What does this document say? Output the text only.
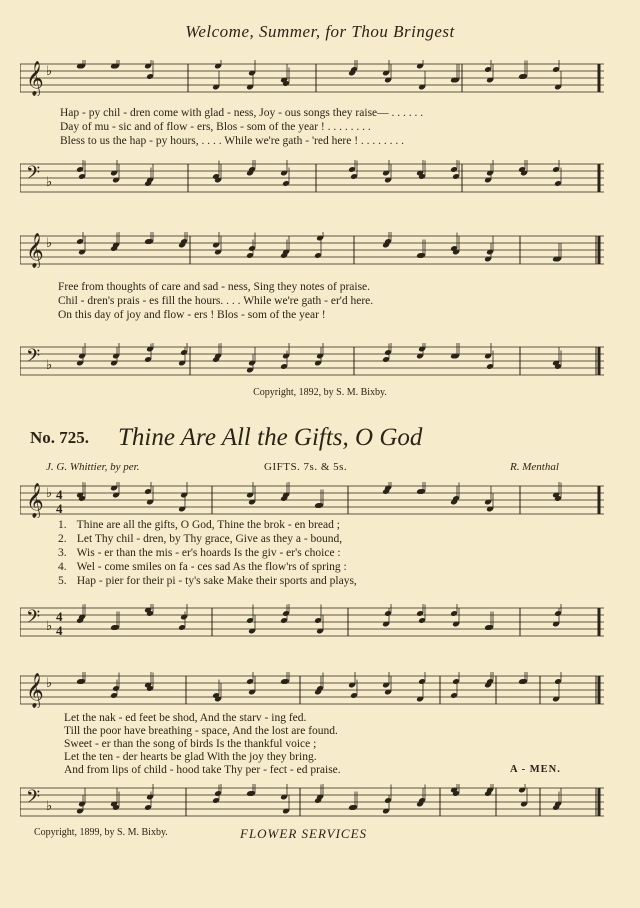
Welcome, Summer, for Thou Bringest
𝄞 ♭
Hap - py chil - dren come with glad - ness, Joy - ous songs they raise— . . . . . .
Day of mu - sic and of flow - ers, Blos - som of the year ! . . . . . . . .
Bless to us the hap - py hours, . . . . While we're gath - 'red here ! . . . . . . . .
𝄢 ♭
𝄞 ♭
Free from thoughts of care and sad - ness, Sing they notes of praise.
Chil - dren's prais - es fill the hours. . . . While we're gath - er'd here.
On this day of joy and flow - ers ! Blos - som of the year !
𝄢 ♭
Copyright, 1892, by S. M. Bixby.
No. 725. Thine Are All the Gifts, O God
J. G. Whittier, by per.	GIFTS. 7s. & 5s.	R. Menthal
𝄞 ♭ 4
4
1. Thine are all the gifts, O God, Thine the brok - en bread ;
2. Let Thy chil - dren, by Thy grace, Give as they a - bound,
3. Wis - er than the mis - er's hoards Is the giv - er's choice :
4. Wel - come smiles on fa - ces sad As the flow'rs of spring :
5. Hap - pier for their pi - ty's sake Make their sports and plays,
𝄢 ♭
4
4
𝄞 ♭
Let the nak - ed feet be shod, And the starv - ing fed.
Till the poor have breathing - space, And the lost are found.
Sweet - er than the song of birds Is the thankful voice ;
Let the ten - der hearts be glad With the joy they bring.
And from lips of child - hood take Thy per - fect - ed praise.	A - MEN.
𝄢 ♭
Copyright, 1899, by S. M. Bixby.	FLOWER SERVICES
